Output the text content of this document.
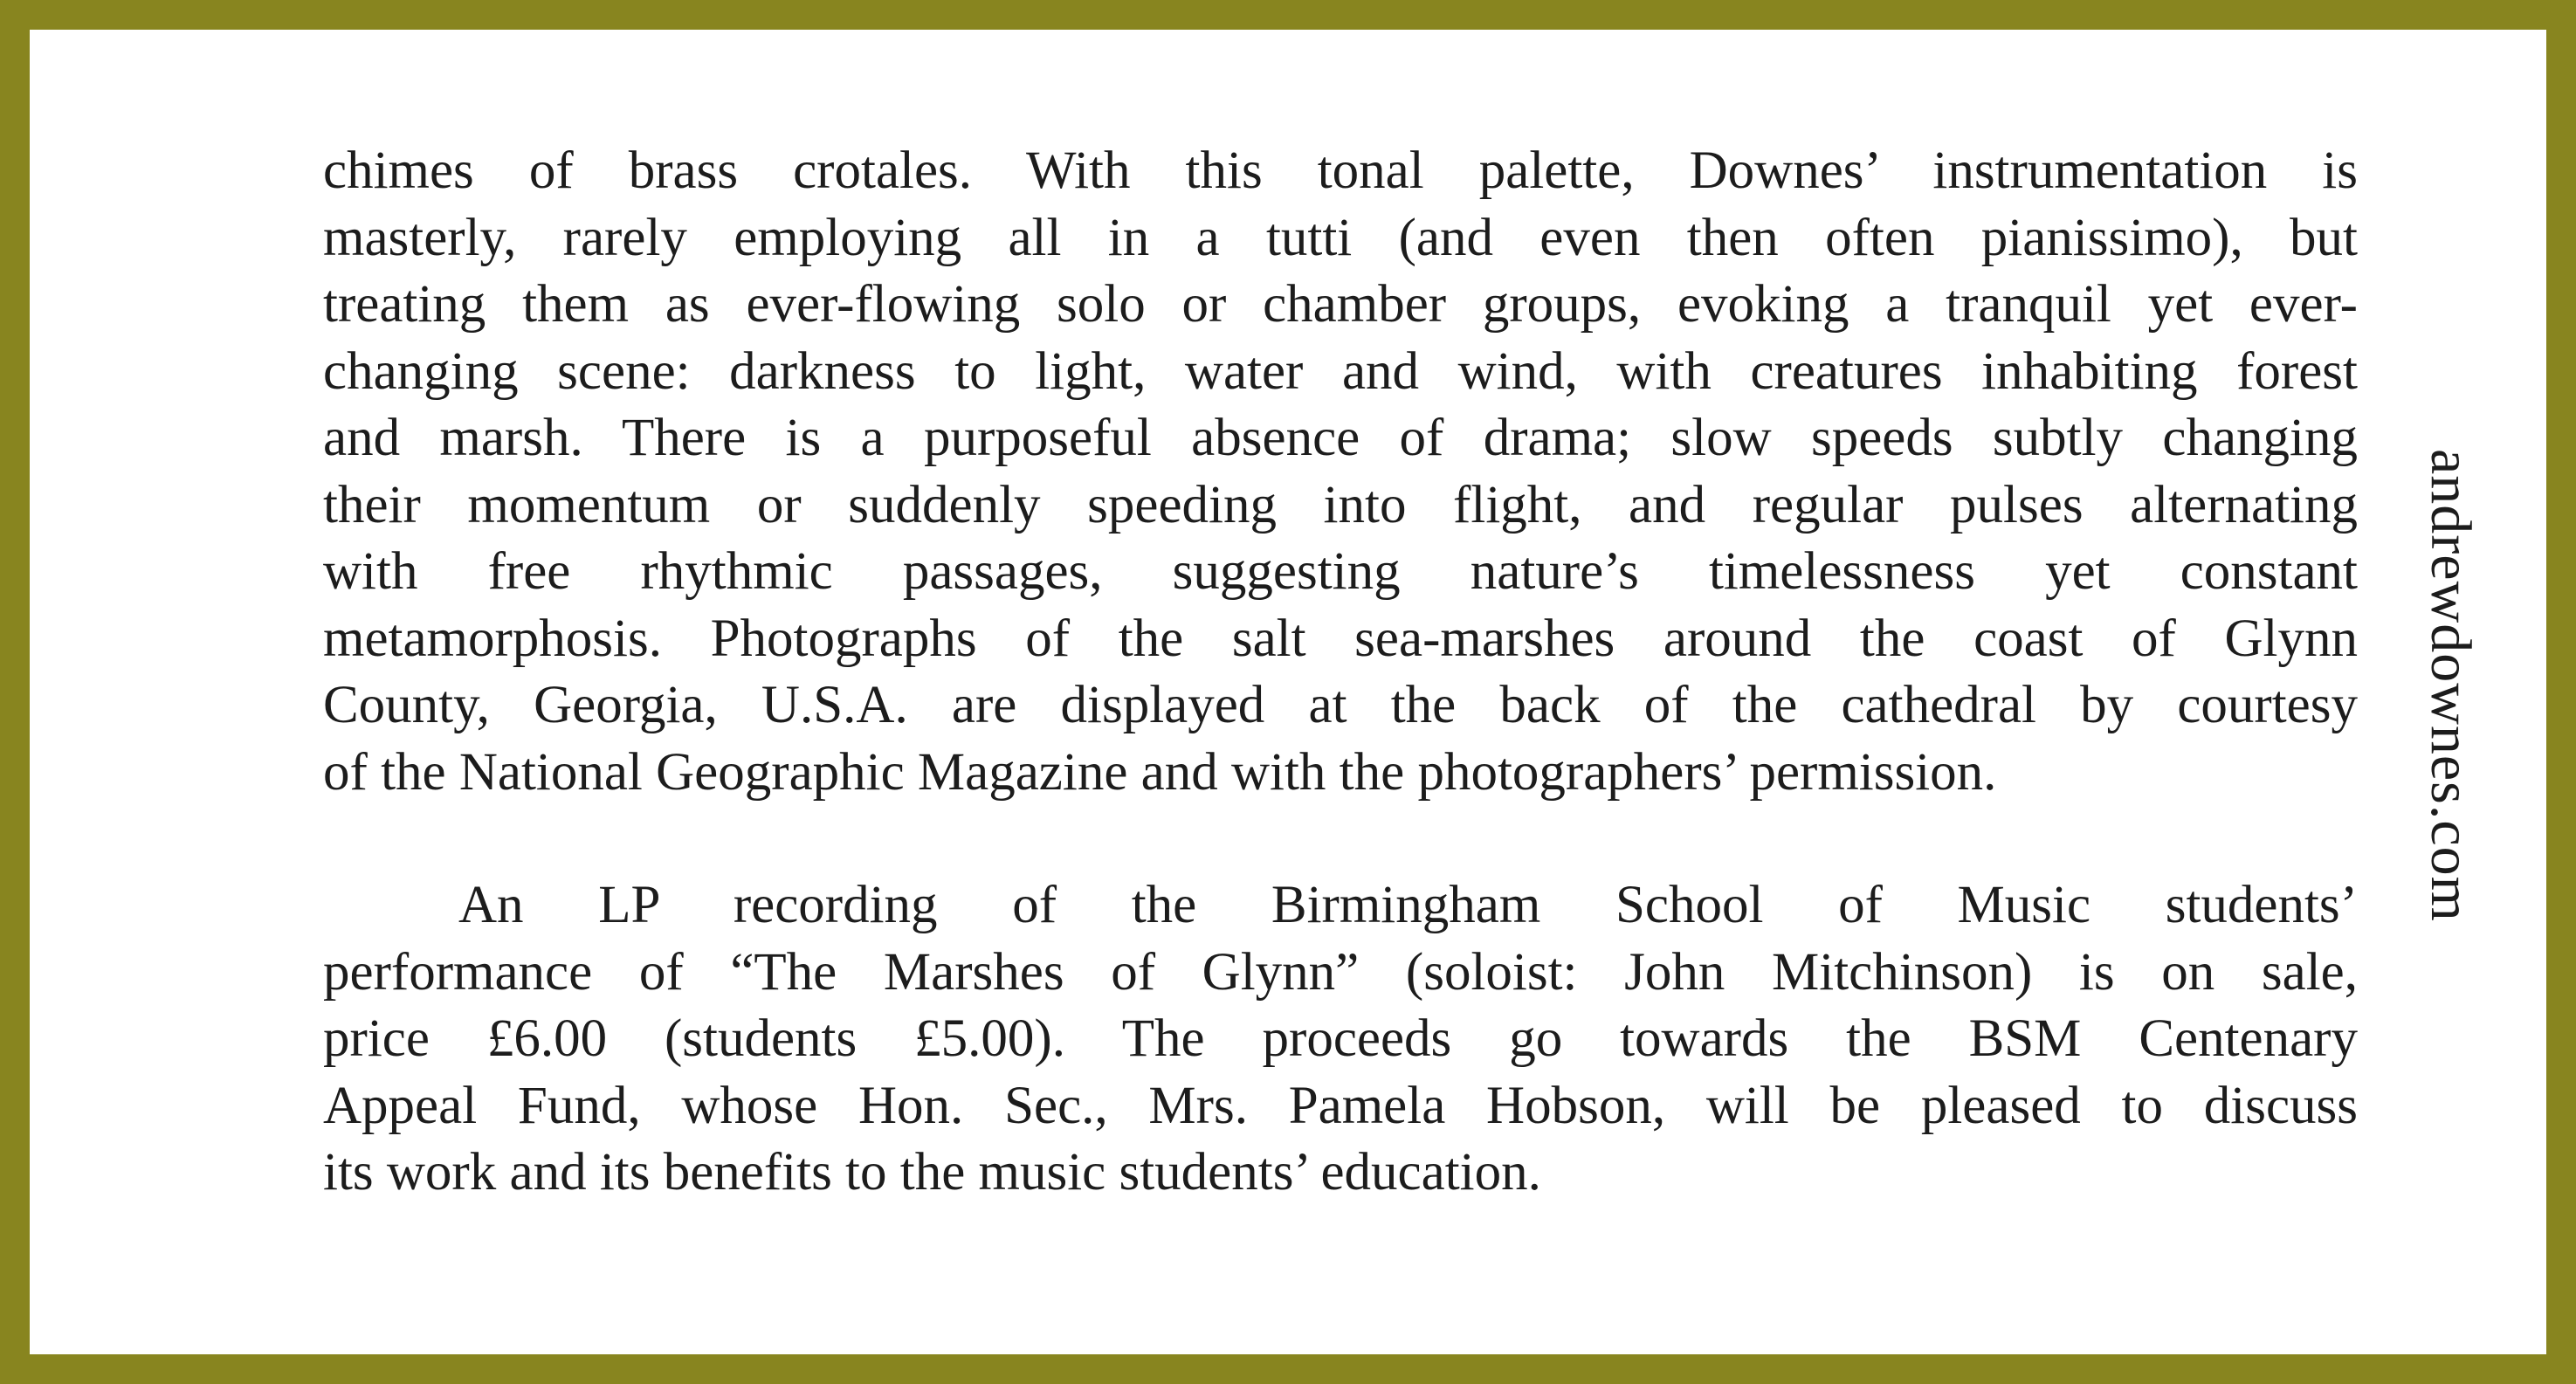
chimes of brass crotales. With this tonal palette, Downes’ instrumentation is
masterly, rarely employing all in a tutti (and even then often pianissimo), but
treating them as ever-flowing solo or chamber groups, evoking a tranquil yet ever-
changing scene: darkness to light, water and wind, with creatures inhabiting forest
and marsh. There is a purposeful absence of drama; slow speeds subtly changing
their momentum or suddenly speeding into flight, and regular pulses alternating
with free rhythmic passages, suggesting nature’s timelessness yet constant
metamorphosis. Photographs of the salt sea-marshes around the coast of Glynn
County, Georgia, U.S.A. are displayed at the back of the cathedral by courtesy
of the National Geographic Magazine and with the photographers’ permission.
An LP recording of the Birmingham School of Music students’
performance of “The Marshes of Glynn” (soloist: John Mitchinson) is on sale,
price £6.00 (students £5.00). The proceeds go towards the BSM Centenary
Appeal Fund, whose Hon. Sec., Mrs. Pamela Hobson, will be pleased to discuss
its work and its benefits to the music students’ education.
andrewdownes.com
